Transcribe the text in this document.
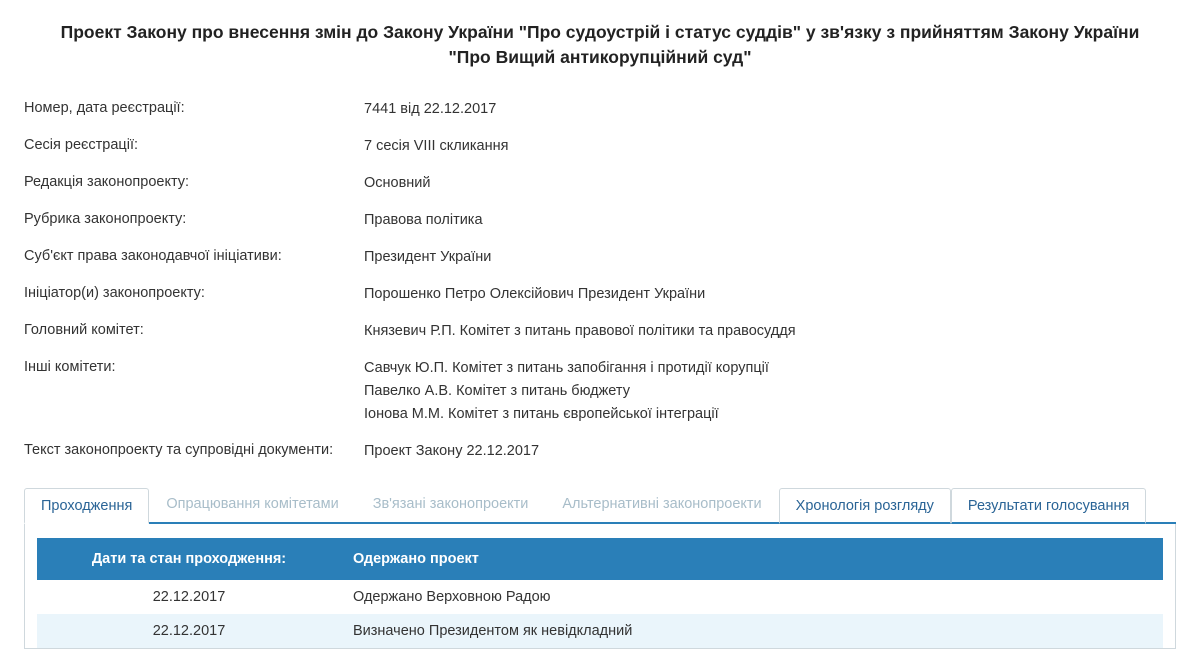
Проект Закону про внесення змін до Закону України "Про судоустрій і статус суддів" у зв'язку з прийняттям Закону України "Про Вищий антикорупційний суд"
Номер, дата реєстрації:	7441 від 22.12.2017

Сесія реєстрації:	7 сесія VIII скликання

Редакція законопроекту:	Основний

Рубрика законопроекту:	Правова політика

Суб'єкт права законодавчої ініціативи:	Президент України

Ініціатор(и) законопроекту:	Порошенко Петро Олексійович Президент України

Головний комітет:	Князевич Р.П. Комітет з питань правової політики та правосуддя

Інші комітети:	Савчук Ю.П. Комітет з питань запобігання і протидії корупції
Павелко А.В. Комітет з питань бюджету
Іонова М.М. Комітет з питань європейської інтеграції

Текст законопроекту та супровідні документи:	Проект Закону 22.12.2017
Проходження	Опрацювання комітетами	Зв'язані законопроекти	Альтернативні законопроекти	Хронологія розгляду	Результати голосування
Дати та стан проходження:	Одержано проект
22.12.2017	Одержано Верховною Радою
22.12.2017	Визначено Президентом як невідкладний
